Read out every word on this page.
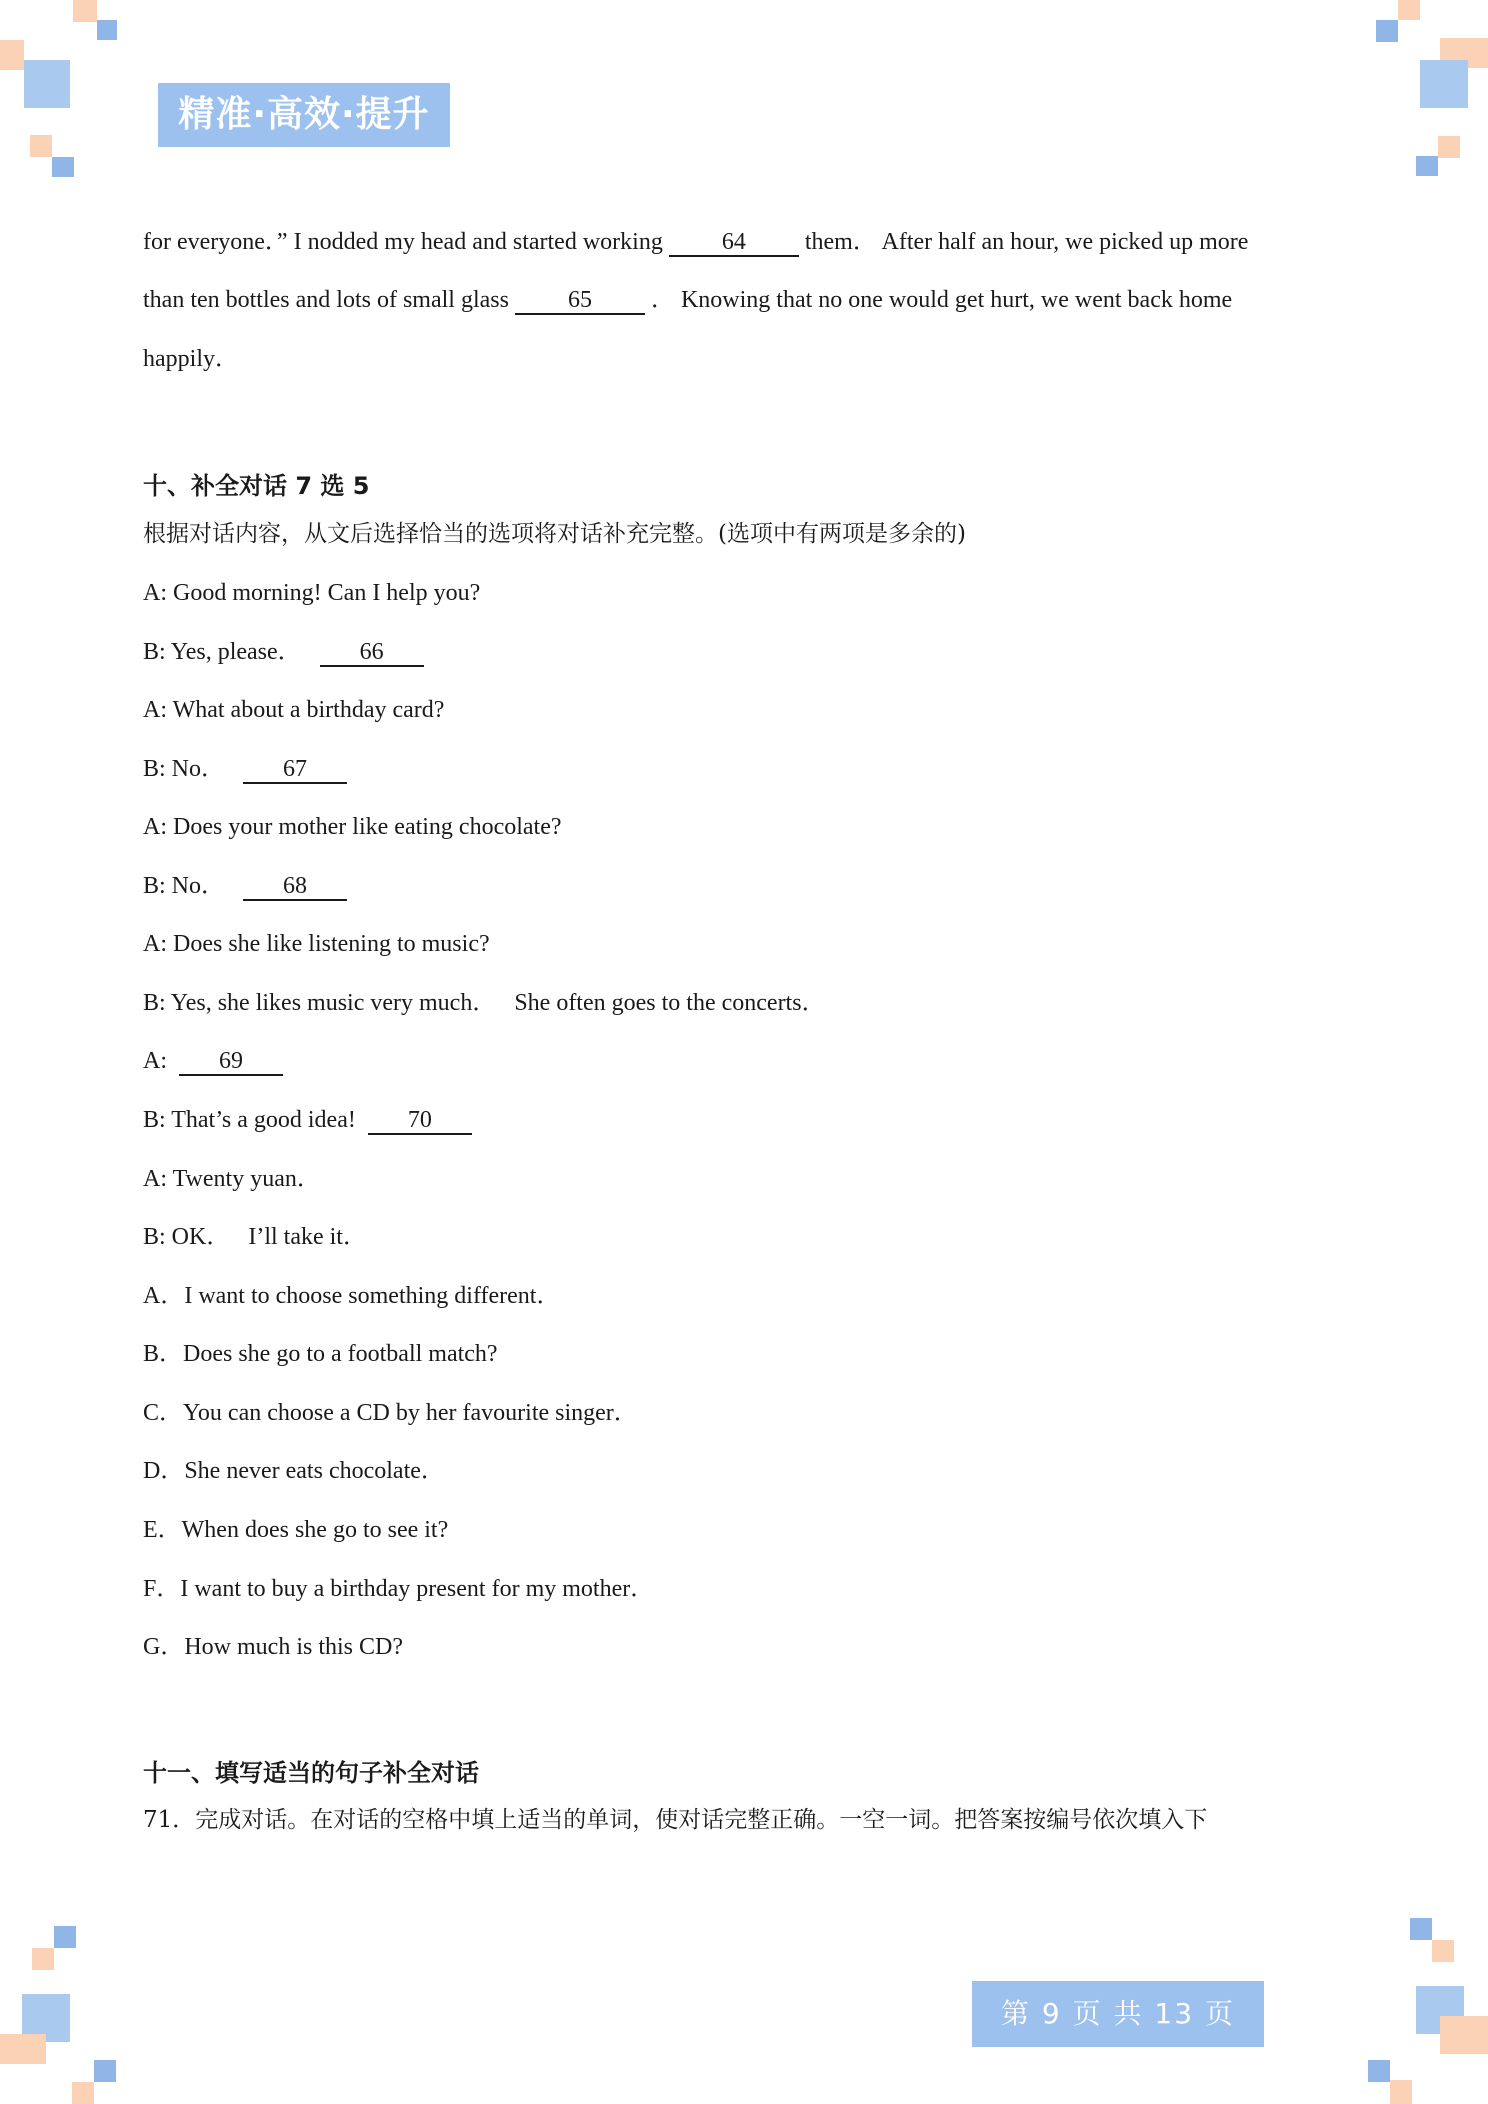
精准·高效·提升
for everyone．” I nodded my head and started working 64 them． After half an hour, we picked up more
than ten bottles and lots of small glass 65 ． Knowing that no one would get hurt, we went back home
happily．
十、补全对话 7 选 5
根据对话内容，从文后选择恰当的选项将对话补充完整。(选项中有两项是多余的)
A: Good morning! Can I help you?
B: Yes, please．   66
A: What about a birthday card?
B: No．   67
A: Does your mother like eating chocolate?
B: No．   68
A: Does she like listening to music?
B: Yes, she likes music very much．   She often goes to the concerts．
A:  69
B: That’s a good idea!  70
A: Twenty yuan．
B: OK．   I’ll take it．
A．I want to choose something different．
B．Does she go to a football match?
C．You can choose a CD by her favourite singer．
D．She never eats chocolate．
E．When does she go to see it?
F．I want to buy a birthday present for my mother．
G．How much is this CD?
十一、填写适当的句子补全对话
71．完成对话。在对话的空格中填上适当的单词，使对话完整正确。一空一词。把答案按编号依次填入下
第 9 页 共 13 页
